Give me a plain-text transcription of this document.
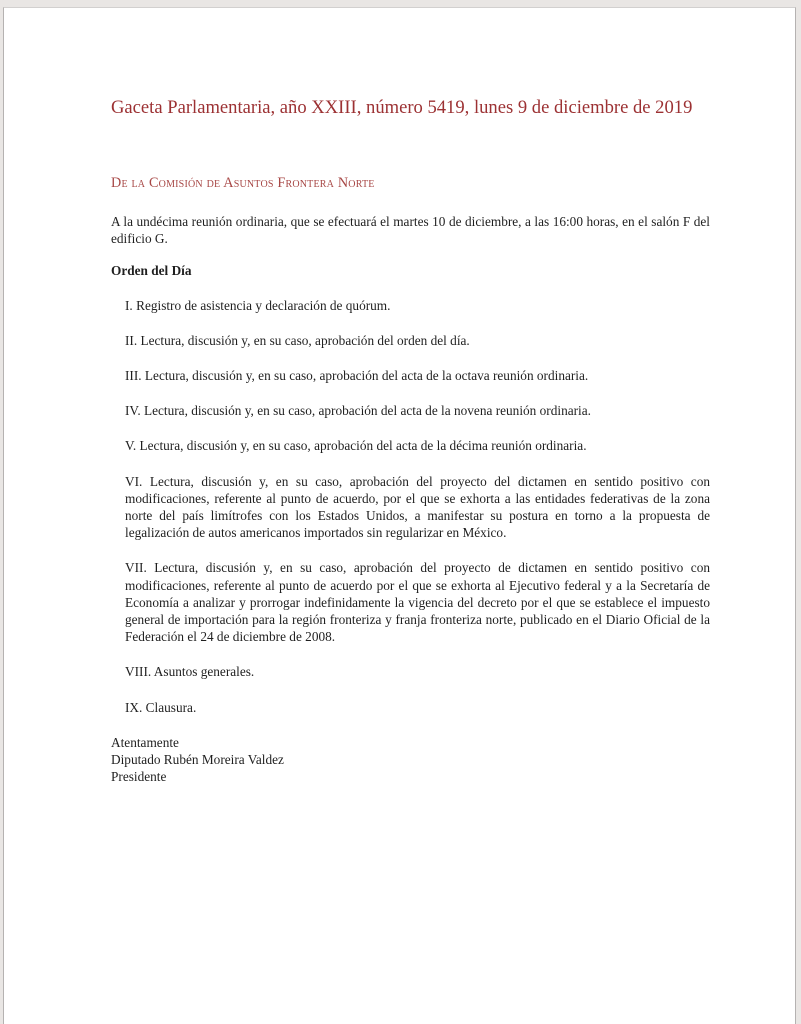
Gaceta Parlamentaria, año XXIII, número 5419, lunes 9 de diciembre de 2019
De la Comisión de Asuntos Frontera Norte

A la undécima reunión ordinaria, que se efectuará el martes 10 de diciembre, a las 16:00 horas, en el salón F del edificio G.

Orden del Día

I. Registro de asistencia y declaración de quórum.

II. Lectura, discusión y, en su caso, aprobación del orden del día.

III. Lectura, discusión y, en su caso, aprobación del acta de la octava reunión ordinaria.

IV. Lectura, discusión y, en su caso, aprobación del acta de la novena reunión ordinaria.

V. Lectura, discusión y, en su caso, aprobación del acta de la décima reunión ordinaria.

VI. Lectura, discusión y, en su caso, aprobación del proyecto del dictamen en sentido positivo con modificaciones, referente al punto de acuerdo, por el que se exhorta a las entidades federativas de la zona norte del país limítrofes con los Estados Unidos, a manifestar su postura en torno a la propuesta de legalización de autos americanos importados sin regularizar en México.

VII. Lectura, discusión y, en su caso, aprobación del proyecto de dictamen en sentido positivo con modificaciones, referente al punto de acuerdo por el que se exhorta al Ejecutivo federal y a la Secretaría de Economía a analizar y prorrogar indefinidamente la vigencia del decreto por el que se establece el impuesto general de importación para la región fronteriza y franja fronteriza norte, publicado en el Diario Oficial de la Federación el 24 de diciembre de 2008.

VIII. Asuntos generales.

IX. Clausura.

Atentamente
Diputado Rubén Moreira Valdez
Presidente
